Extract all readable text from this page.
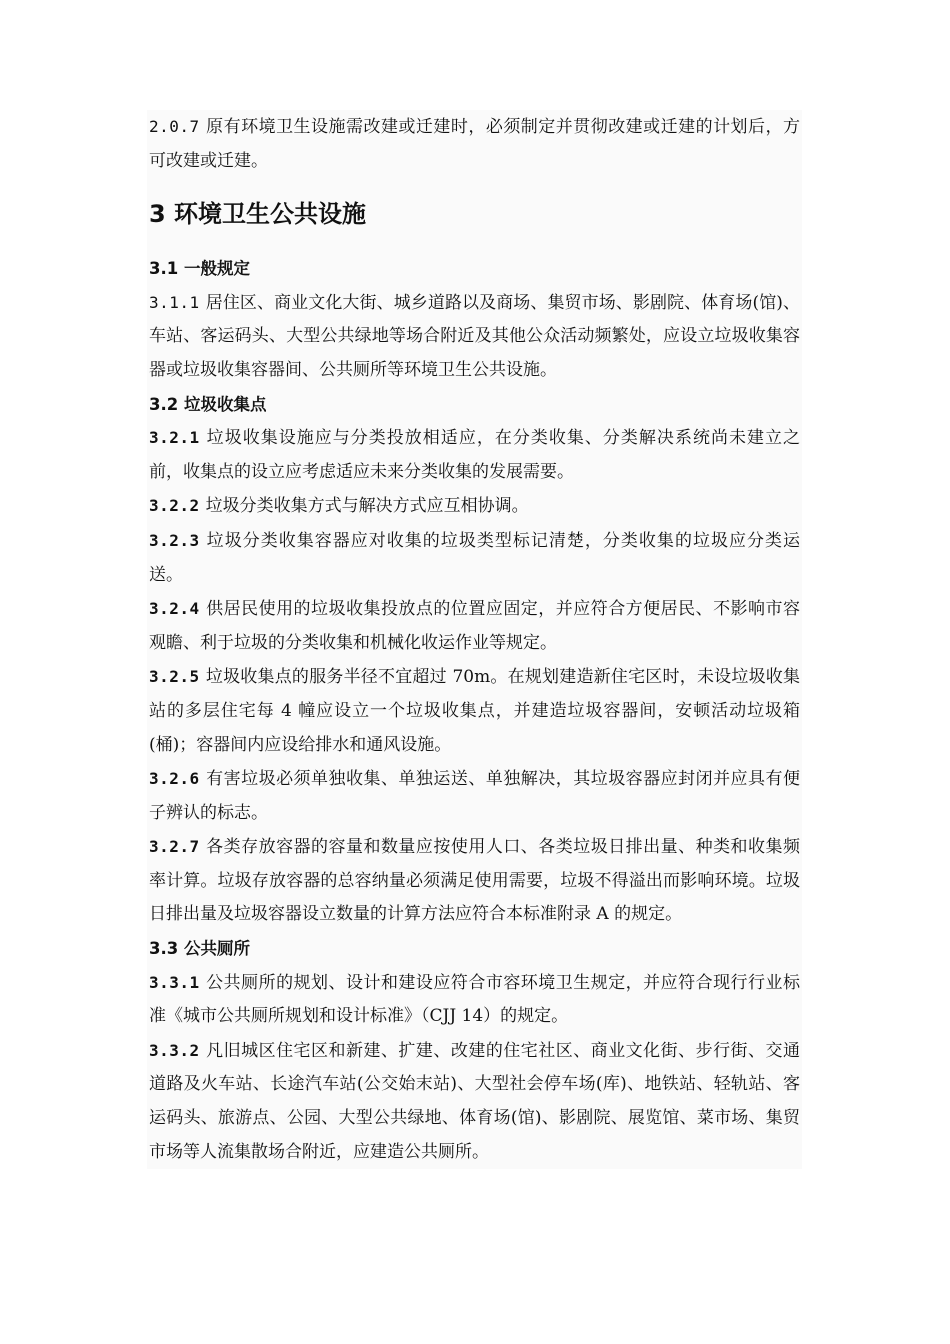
2.0.7 原有环境卫生设施需改建或迁建时，必须制定并贯彻改建或迁建的计划后，方可改建或迁建。

3 环境卫生公共设施
3.1 一般规定

3.1.1 居住区、商业文化大街、城乡道路以及商场、集贸市场、影剧院、体育场(馆)、车站、客运码头、大型公共绿地等场合附近及其他公众活动频繁处，应设立垃圾收集容器或垃圾收集容器间、公共厕所等环境卫生公共设施。

3.2 垃圾收集点

3.2.1 垃圾收集设施应与分类投放相适应，在分类收集、分类解决系统尚未建立之前，收集点的设立应考虑适应未来分类收集的发展需要。

3.2.2 垃圾分类收集方式与解决方式应互相协调。

3.2.3 垃圾分类收集容器应对收集的垃圾类型标记清楚，分类收集的垃圾应分类运送。

3.2.4 供居民使用的垃圾收集投放点的位置应固定，并应符合方便居民、不影响市容观瞻、利于垃圾的分类收集和机械化收运作业等规定。

3.2.5 垃圾收集点的服务半径不宜超过 70m。在规划建造新住宅区时，未设垃圾收集站的多层住宅每 4 幢应设立一个垃圾收集点，并建造垃圾容器间，安顿活动垃圾箱(桶)；容器间内应设给排水和通风设施。

3.2.6 有害垃圾必须单独收集、单独运送、单独解决，其垃圾容器应封闭并应具有便子辨认的标志。

3.2.7 各类存放容器的容量和数量应按使用人口、各类垃圾日排出量、种类和收集频率计算。垃圾存放容器的总容纳量必须满足使用需要，垃圾不得溢出而影响环境。垃圾日排出量及垃圾容器设立数量的计算方法应符合本标准附录 A 的规定。

3.3 公共厕所

3.3.1 公共厕所的规划、设计和建设应符合市容环境卫生规定，并应符合现行行业标准《城市公共厕所规划和设计标准》（CJJ 14）的规定。

3.3.2 凡旧城区住宅区和新建、扩建、改建的住宅社区、商业文化街、步行街、交通道路及火车站、长途汽车站(公交始末站)、大型社会停车场(库)、地铁站、轻轨站、客运码头、旅游点、公园、大型公共绿地、体育场(馆)、影剧院、展览馆、菜市场、集贸市场等人流集散场合附近，应建造公共厕所。
